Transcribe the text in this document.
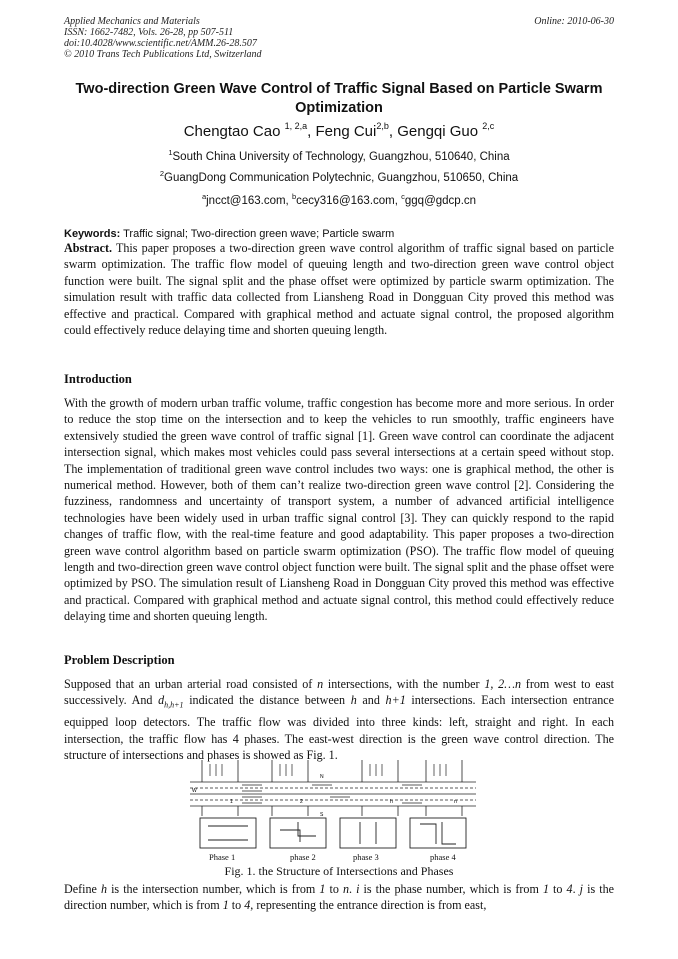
Applied Mechanics and Materials
ISSN: 1662-7482, Vols. 26-28, pp 507-511
doi:10.4028/www.scientific.net/AMM.26-28.507
© 2010 Trans Tech Publications Ltd, Switzerland
Online: 2010-06-30
Two-direction Green Wave Control of Traffic Signal Based on Particle Swarm Optimization
Chengtao Cao $^{1, 2,a}$, Feng Cui$^{2,b}$, Gengqi Guo $^{2,c}$
$^1$South China University of Technology, Guangzhou, 510640, China
$^2$GuangDong Communication Polytechnic, Guangzhou, 510650, China
$^a$jncct@163.com, $^b$cecy316@163.com, $^c$ggq@gdcp.cn
Keywords: Traffic signal; Two-direction green wave; Particle swarm
Abstract. This paper proposes a two-direction green wave control algorithm of traffic signal based on particle swarm optimization. The traffic flow model of queuing length and two-direction green wave control object function were built. The signal split and the phase offset were optimized by particle swarm optimization. The simulation result with traffic data collected from Liansheng Road in Dongguan City proved this method was effective and practical. Compared with graphical method and actuate signal control, the proposed algorithm could effectively reduce delaying time and shorten queuing length.
Introduction
With the growth of modern urban traffic volume, traffic congestion has become more and more serious. In order to reduce the stop time on the intersection and to keep the vehicles to run smoothly, traffic engineers have extensively studied the green wave control of traffic signal [1]. Green wave control can coordinate the adjacent intersection signal, which makes most vehicles could pass several intersections at a certain speed without stop. The implementation of traditional green wave control includes two ways: one is graphical method, the other is numerical method. However, both of them can’t realize two-direction green wave control [2]. Considering the fuzziness, randomness and uncertainty of transport system, a number of advanced artificial intelligence technologies have been widely used in urban traffic signal control [3]. They can quickly respond to the rapid changes of traffic flow, with the real-time feature and good adaptability. This paper proposes a two-direction green wave control algorithm based on particle swarm optimization (PSO). The traffic flow model of queuing length and two-direction green wave control object function were built. The signal split and the phase offset were optimized by PSO. The simulation result of Liansheng Road in Dongguan City proved this method was effective and practical. Compared with graphical method and actuate signal control, this method could effectively reduce delaying time and shorten queuing length.
Problem Description
Supposed that an urban arterial road consisted of n intersections, with the number 1, 2…n from west to east successively. And $d_{h,h+1}$ indicated the distance between h and h+1 intersections. Each intersection entrance equipped loop detectors. The traffic flow was divided into three kinds: left, straight and right. In each intersection, the traffic flow has 4 phases. The east-west direction is the green wave control direction. The structure of intersections and phases is showed as Fig. 1.
W
N
S
1	2	h	n
Phase 1	phase 2	phase 3	phase 4
Fig. 1. the Structure of Intersections and Phases
Define h is the intersection number, which is from 1 to n. i is the phase number, which is from 1 to 4. j is the direction number, which is from 1 to 4, representing the entrance direction is from east,
